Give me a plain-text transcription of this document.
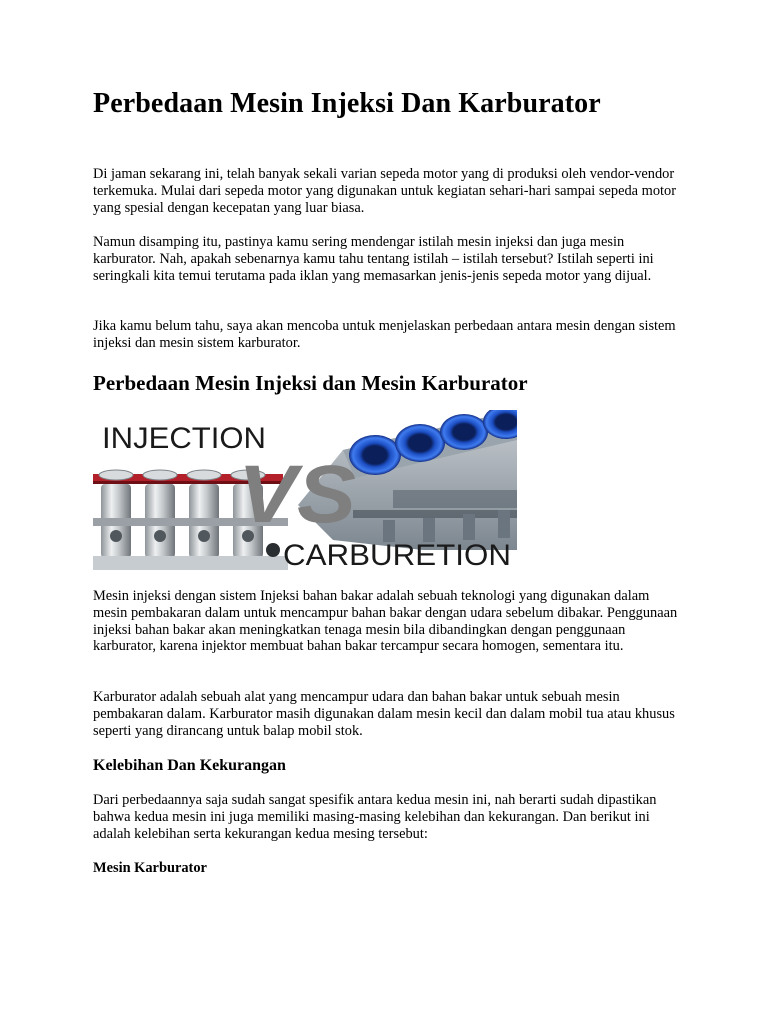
Perbedaan Mesin Injeksi Dan Karburator

Di jaman sekarang ini, telah banyak sekali varian sepeda motor yang di produksi oleh vendor-vendor terkemuka. Mulai dari sepeda motor yang digunakan untuk kegiatan sehari-hari sampai sepeda motor yang spesial dengan kecepatan yang luar biasa.

Namun disamping itu, pastinya kamu sering mendengar istilah mesin injeksi dan juga mesin karburator. Nah, apakah sebenarnya kamu tahu tentang istilah – istilah tersebut? Istilah seperti ini seringkali kita temui terutama pada iklan yang memasarkan jenis-jenis sepeda motor yang dijual.

Jika kamu belum tahu, saya akan mencoba untuk menjelaskan perbedaan antara mesin dengan sistem injeksi dan mesin sistem karburator.

Perbedaan Mesin Injeksi dan Mesin Karburator
INJECTION
VS
CARBURETION

Mesin injeksi dengan sistem Injeksi bahan bakar adalah sebuah teknologi yang digunakan dalam mesin pembakaran dalam untuk mencampur bahan bakar dengan udara sebelum dibakar. Penggunaan injeksi bahan bakar akan meningkatkan tenaga mesin bila dibandingkan dengan penggunaan karburator, karena injektor membuat bahan bakar tercampur secara homogen, sementara itu.

Karburator adalah sebuah alat yang mencampur udara dan bahan bakar untuk sebuah mesin pembakaran dalam. Karburator masih digunakan dalam mesin kecil dan dalam mobil tua atau khusus seperti yang dirancang untuk balap mobil stok.

Kelebihan Dan Kekurangan

Dari perbedaannya saja sudah sangat spesifik antara kedua mesin ini, nah berarti sudah dipastikan bahwa kedua mesin ini juga memiliki masing-masing kelebihan dan kekurangan. Dan berikut ini adalah kelebihan serta kekurangan kedua mesing tersebut:

Mesin Karburator
